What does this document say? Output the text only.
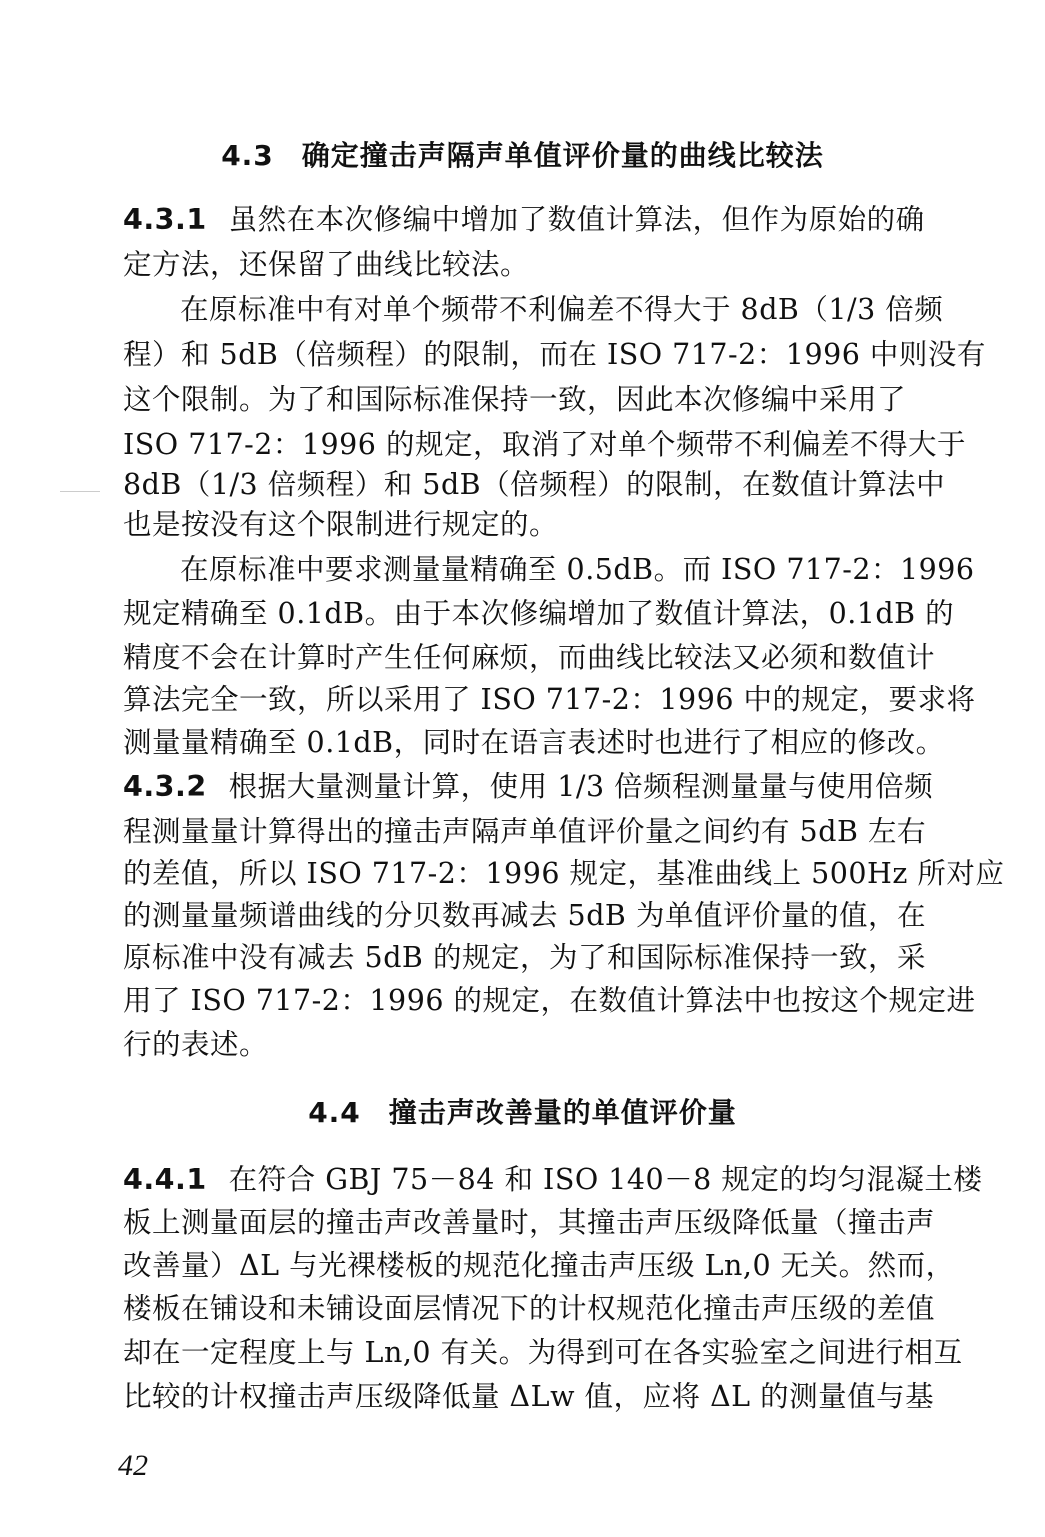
4.3 确定撞击声隔声单值评价量的曲线比较法
4.3.1 虽然在本次修编中增加了数值计算法，但作为原始的确
定方法，还保留了曲线比较法。
在原标准中有对单个频带不利偏差不得大于 8dB（1/3 倍频
程）和 5dB（倍频程）的限制，而在 ISO 717-2：1996 中则没有
这个限制。为了和国际标准保持一致，因此本次修编中采用了
ISO 717-2：1996 的规定，取消了对单个频带不利偏差不得大于
8dB（1/3 倍频程）和 5dB（倍频程）的限制，在数值计算法中
也是按没有这个限制进行规定的。
在原标准中要求测量量精确至 0.5dB。而 ISO 717-2：1996
规定精确至 0.1dB。由于本次修编增加了数值计算法，0.1dB 的
精度不会在计算时产生任何麻烦，而曲线比较法又必须和数值计
算法完全一致，所以采用了 ISO 717-2：1996 中的规定，要求将
测量量精确至 0.1dB，同时在语言表述时也进行了相应的修改。
4.3.2 根据大量测量计算，使用 1/3 倍频程测量量与使用倍频
程测量量计算得出的撞击声隔声单值评价量之间约有 5dB 左右
的差值，所以 ISO 717-2：1996 规定，基准曲线上 500Hz 所对应
的测量量频谱曲线的分贝数再减去 5dB 为单值评价量的值，在
原标准中没有减去 5dB 的规定，为了和国际标准保持一致，采
用了 ISO 717-2：1996 的规定，在数值计算法中也按这个规定进
行的表述。
4.4 撞击声改善量的单值评价量
4.4.1 在符合 GBJ 75－84 和 ISO 140－8 规定的均匀混凝土楼
板上测量面层的撞击声改善量时，其撞击声压级降低量（撞击声
改善量）ΔL 与光裸楼板的规范化撞击声压级 Ln,0 无关。然而，
楼板在铺设和未铺设面层情况下的计权规范化撞击声压级的差值
却在一定程度上与 Ln,0 有关。为得到可在各实验室之间进行相互
比较的计权撞击声压级降低量 ΔLw 值，应将 ΔL 的测量值与基
42
